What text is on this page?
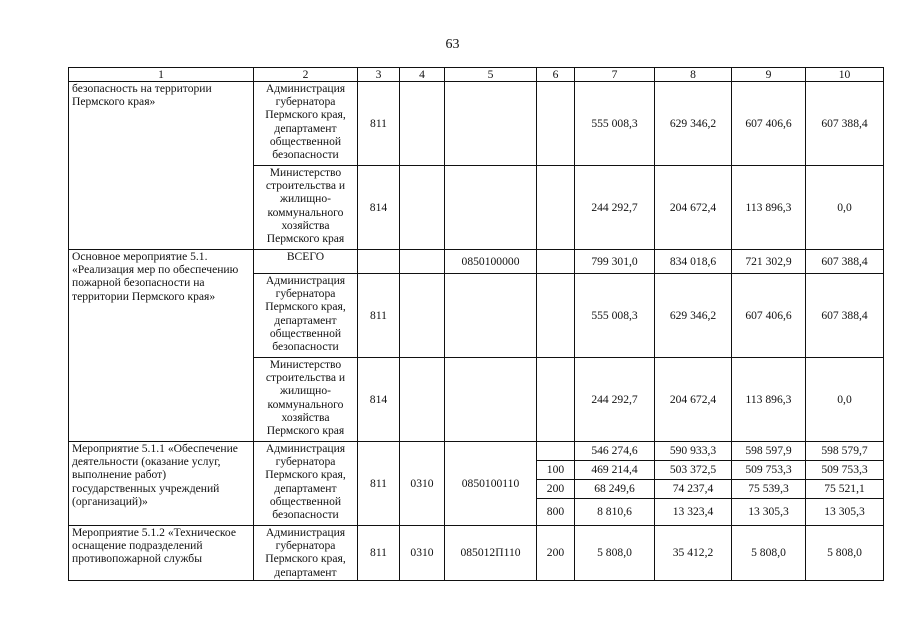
63
1	2	3	4	5	6	7	8	9	10
безопасность на территории Пермского края»	Администрация губернатора Пермского края, департамент общественной безопасности	811				555 008,3	629 346,2	607 406,6	607 388,4
	Министерство строительства и жилищно-коммунального хозяйства Пермского края	814				244 292,7	204 672,4	113 896,3	0,0
Основное мероприятие 5.1. «Реализация мер по обеспечению пожарной безопасности на территории Пермского края»	ВСЕГО			0850100000		799 301,0	834 018,6	721 302,9	607 388,4
	Администрация губернатора Пермского края, департамент общественной безопасности	811				555 008,3	629 346,2	607 406,6	607 388,4
	Министерство строительства и жилищно-коммунального хозяйства Пермского края	814				244 292,7	204 672,4	113 896,3	0,0
Мероприятие 5.1.1 «Обеспечение деятельности (оказание услуг, выполнение работ) государственных учреждений (организаций)»	Администрация губернатора Пермского края, департамент общественной безопасности	811	0310	0850100110		546 274,6	590 933,3	598 597,9	598 579,7
					100	469 214,4	503 372,5	509 753,3	509 753,3
					200	68 249,6	74 237,4	75 539,3	75 521,1
					800	8 810,6	13 323,4	13 305,3	13 305,3
Мероприятие 5.1.2 «Техническое оснащение подразделений противопожарной службы	Администрация губернатора Пермского края, департамент	811	0310	085012П110	200	5 808,0	35 412,2	5 808,0	5 808,0
